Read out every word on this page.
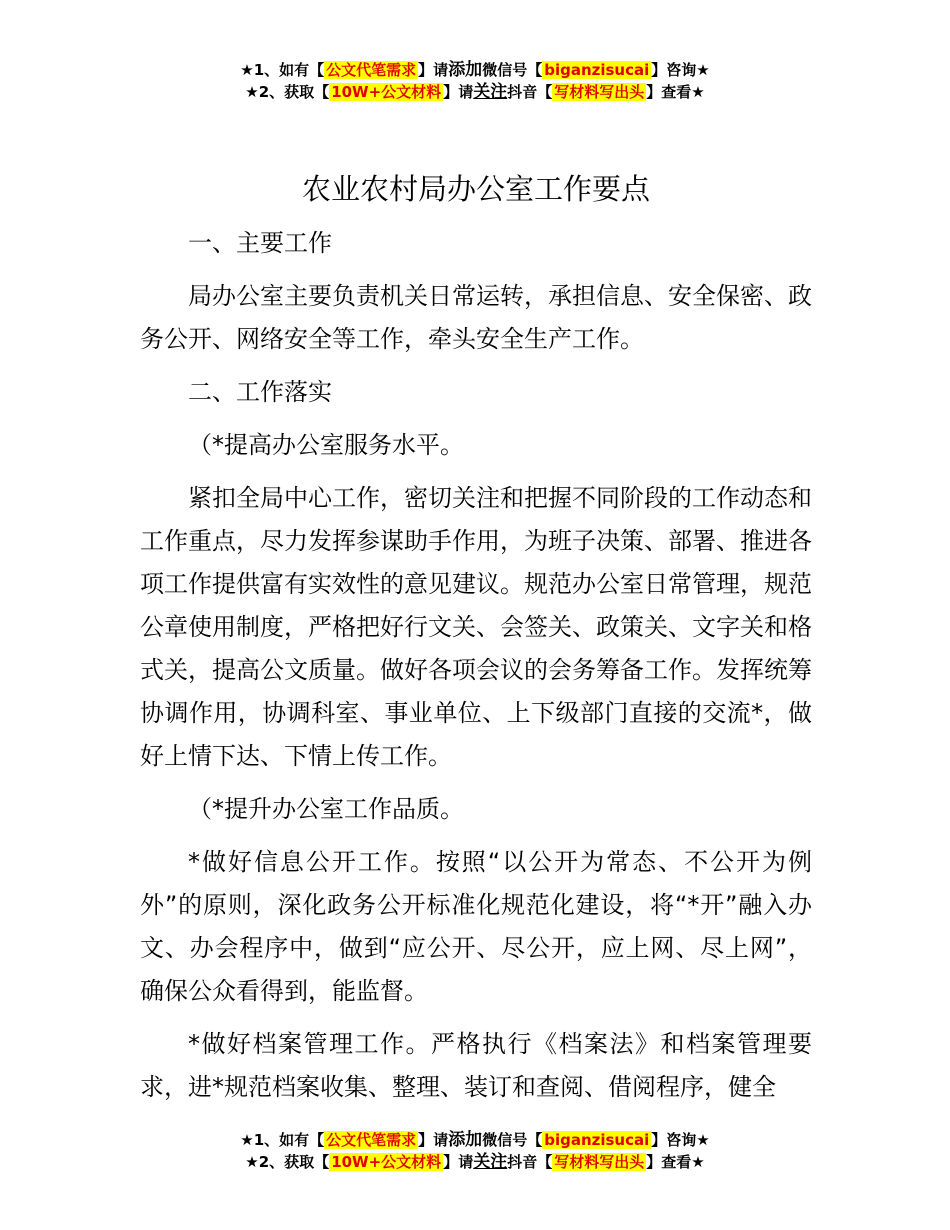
★1、如有【 公文代笔需求 】请添加微信号【 biganzisucai 】咨询★
★2、获取【 10W+公文材料 】请关注抖音【 写材料写出头 】查看★
农业农村局办公室工作要点
一、主要工作
局办公室主要负责机关日常运转，承担信息、安全保密、政务公开、网络安全等工作，牵头安全生产工作。
二、工作落实
（*提高办公室服务水平。
紧扣全局中心工作，密切关注和把握不同阶段的工作动态和工作重点，尽力发挥参谋助手作用，为班子决策、部署、推进各项工作提供富有实效性的意见建议。规范办公室日常管理，规范公章使用制度，严格把好行文关、会签关、政策关、文字关和格式关，提高公文质量。做好各项会议的会务筹备工作。发挥统筹协调作用，协调科室、事业单位、上下级部门直接的交流*，做好上情下达、下情上传工作。
（*提升办公室工作品质。
*做好信息公开工作。按照“以公开为常态、不公开为例外”的原则，深化政务公开标准化规范化建设，将“*开”融入办文、办会程序中，做到“应公开、尽公开，应上网、尽上网”，确保公众看得到，能监督。
*做好档案管理工作。严格执行《档案法》和档案管理要求，进*规范档案收集、整理、装订和查阅、借阅程序，健全
★1、如有【 公文代笔需求 】请添加微信号【 biganzisucai 】咨询★
★2、获取【 10W+公文材料 】请关注抖音【 写材料写出头 】查看★
